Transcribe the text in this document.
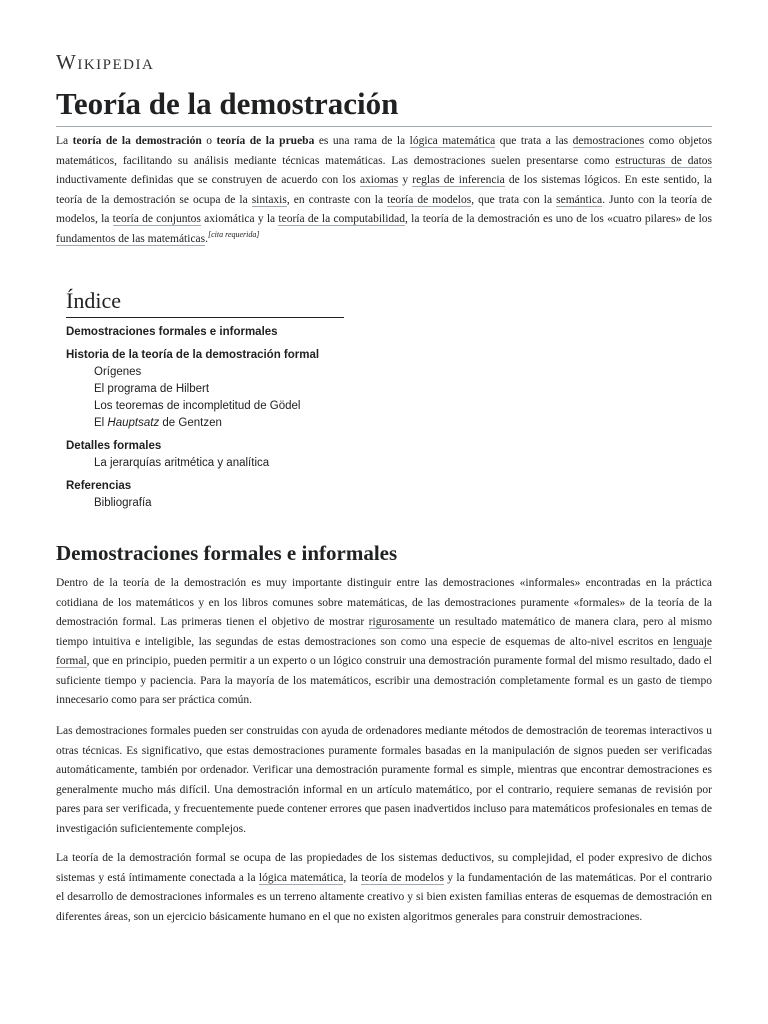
Wikipedia
Teoría de la demostración

La teoría de la demostración o teoría de la prueba es una rama de la lógica matemática que trata a las demostraciones como objetos matemáticos, facilitando su análisis mediante técnicas matemáticas. Las demostraciones suelen presentarse como estructuras de datos inductivamente definidas que se construyen de acuerdo con los axiomas y reglas de inferencia de los sistemas lógicos. En este sentido, la teoría de la demostración se ocupa de la sintaxis, en contraste con la teoría de modelos, que trata con la semántica. Junto con la teoría de modelos, la teoría de conjuntos axiomática y la teoría de la computabilidad, la teoría de la demostración es uno de los «cuatro pilares» de los fundamentos de las matemáticas.[cita requerida]

Índice
Demostraciones formales e informales
Historia de la teoría de la demostración formal
Orígenes
El programa de Hilbert
Los teoremas de incompletitud de Gödel
El Hauptsatz de Gentzen
Detalles formales
La jerarquías aritmética y analítica
Referencias
Bibliografía
Demostraciones formales e informales

Dentro de la teoría de la demostración es muy importante distinguir entre las demostraciones «informales» encontradas en la práctica cotidiana de los matemáticos y en los libros comunes sobre matemáticas, de las demostraciones puramente «formales» de la teoría de la demostración formal. Las primeras tienen el objetivo de mostrar rigurosamente un resultado matemático de manera clara, pero al mismo tiempo intuitiva e inteligible, las segundas de estas demostraciones son como una especie de esquemas de alto-nivel escritos en lenguaje formal, que en principio, pueden permitir a un experto o un lógico construir una demostración puramente formal del mismo resultado, dado el suficiente tiempo y paciencia. Para la mayoría de los matemáticos, escribir una demostración completamente formal es un gasto de tiempo innecesario como para ser práctica común.

Las demostraciones formales pueden ser construidas con ayuda de ordenadores mediante métodos de demostración de teoremas interactivos u otras técnicas. Es significativo, que estas demostraciones puramente formales basadas en la manipulación de signos pueden ser verificadas automáticamente, también por ordenador. Verificar una demostración puramente formal es simple, mientras que encontrar demostraciones es generalmente mucho más difícil. Una demostración informal en un artículo matemático, por el contrario, requiere semanas de revisión por pares para ser verificada, y frecuentemente puede contener errores que pasen inadvertidos incluso para matemáticos profesionales en temas de investigación suficientemente complejos.

La teoría de la demostración formal se ocupa de las propiedades de los sistemas deductivos, su complejidad, el poder expresivo de dichos sistemas y está íntimamente conectada a la lógica matemática, la teoría de modelos y la fundamentación de las matemáticas. Por el contrario el desarrollo de demostraciones informales es un terreno altamente creativo y si bien existen familias enteras de esquemas de demostración en diferentes áreas, son un ejercicio básicamente humano en el que no existen algoritmos generales para construir demostraciones.
